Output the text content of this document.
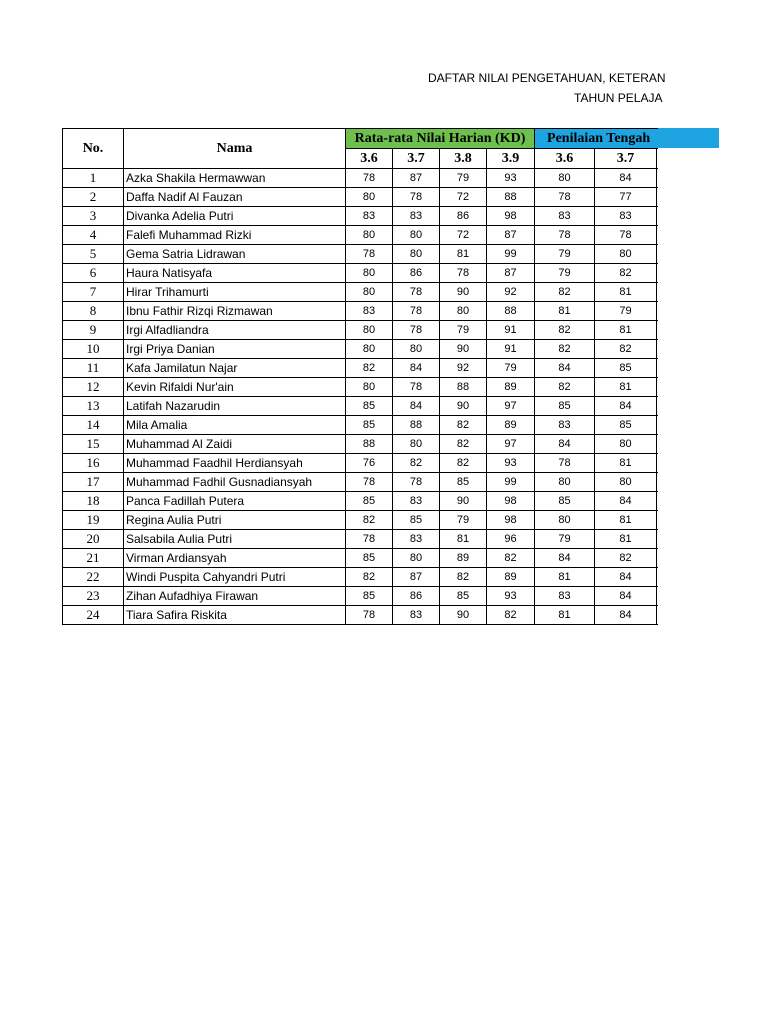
DAFTAR NILAI PENGETAHUAN, KETERAN
TAHUN PELAJA
No.	Nama	Rata-rata Nilai Harian (KD)				Penilaian Tengah		
		3.6	3.7	3.8	3.9	3.6	3.7	
1	Azka Shakila Hermawwan	78	87	79	93	80	84	
2	Daffa Nadif Al Fauzan	80	78	72	88	78	77	
3	Divanka Adelia Putri	83	83	86	98	83	83	
4	Falefi Muhammad Rizki	80	80	72	87	78	78	
5	Gema Satria Lidrawan	78	80	81	99	79	80	
6	Haura Natisyafa	80	86	78	87	79	82	
7	Hirar Trihamurti	80	78	90	92	82	81	
8	Ibnu Fathir Rizqi Rizmawan	83	78	80	88	81	79	
9	Irgi Alfadliandra	80	78	79	91	82	81	
10	Irgi Priya Danian	80	80	90	91	82	82	
11	Kafa Jamilatun Najar	82	84	92	79	84	85	
12	Kevin Rifaldi Nur'ain	80	78	88	89	82	81	
13	Latifah Nazarudin	85	84	90	97	85	84	
14	Mila Amalia	85	88	82	89	83	85	
15	Muhammad Al Zaidi	88	80	82	97	84	80	
16	Muhammad Faadhil Herdiansyah	76	82	82	93	78	81	
17	Muhammad Fadhil Gusnadiansyah	78	78	85	99	80	80	
18	Panca Fadillah Putera	85	83	90	98	85	84	
19	Regina Aulia Putri	82	85	79	98	80	81	
20	Salsabila Aulia Putri	78	83	81	96	79	81	
21	Virman Ardiansyah	85	80	89	82	84	82	
22	Windi Puspita Cahyandri Putri	82	87	82	89	81	84	
23	Zihan Aufadhiya Firawan	85	86	85	93	83	84	
24	Tiara Safira Riskita	78	83	90	82	81	84	
